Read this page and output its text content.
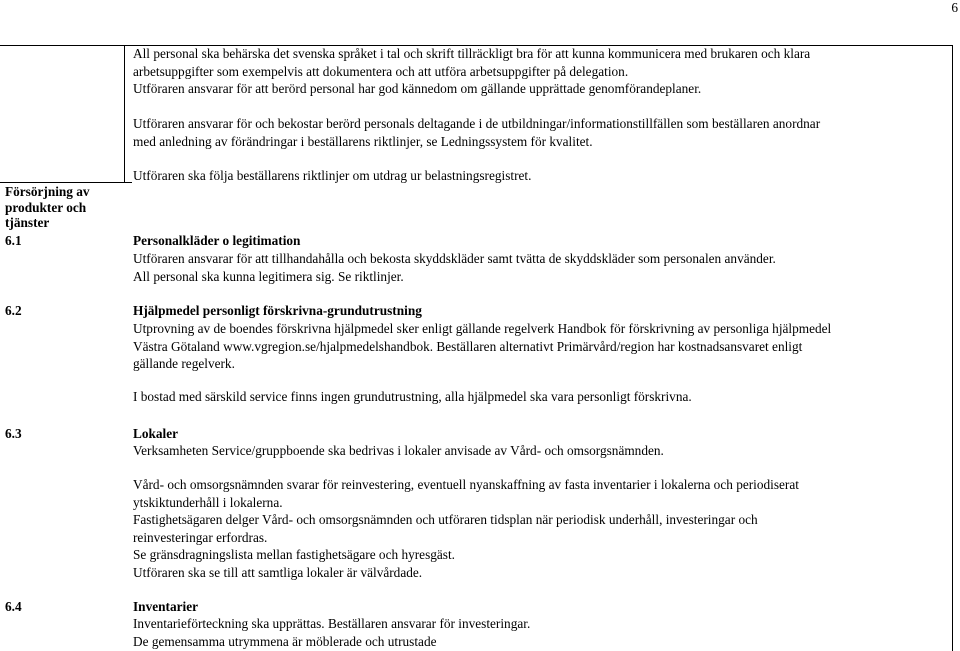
6

All personal ska behärska det svenska språket i tal och skrift tillräckligt bra för att kunna kommunicera med brukaren och klara
arbetsuppgifter som exempelvis att dokumentera och att utföra arbetsuppgifter på delegation.
Utföraren ansvarar för att berörd personal har god kännedom om gällande upprättade genomförandeplaner.

Utföraren ansvarar för och bekostar berörd personals deltagande i de utbildningar/informationstillfällen som beställaren anordnar
med anledning av förändringar i beställarens riktlinjer, se Ledningssystem för kvalitet.

Utföraren ska följa beställarens riktlinjer om utdrag ur belastningsregistret.

Försörjning av
produkter och
tjänster

6.1	Personalkläder o legitimation

Utföraren ansvarar för att tillhandahålla och bekosta skyddskläder samt tvätta de skyddskläder som personalen använder.
All personal ska kunna legitimera sig. Se riktlinjer.

6.2	Hjälpmedel personligt förskrivna-grundutrustning

Utprovning av de boendes förskrivna hjälpmedel sker enligt gällande regelverk Handbok för förskrivning av personliga hjälpmedel
Västra Götaland www.vgregion.se/hjalpmedelshandbok. Beställaren alternativt Primärvård/region har kostnadsansvaret enligt
gällande regelverk.

I bostad med särskild service finns ingen grundutrustning, alla hjälpmedel ska vara personligt förskrivna.

6.3	Lokaler

Verksamheten Service/gruppboende ska bedrivas i lokaler anvisade av Vård- och omsorgsnämnden.

Vård- och omsorgsnämnden svarar för reinvestering, eventuell nyanskaffning av fasta inventarier i lokalerna och periodiserat
ytskiktunderhåll i lokalerna.
Fastighetsägaren delger Vård- och omsorgsnämnden och utföraren tidsplan när periodisk underhåll, investeringar och
reinvesteringar erfordras.
Se gränsdragningslista mellan fastighetsägare och hyresgäst.
Utföraren ska se till att samtliga lokaler är välvårdade.

6.4	Inventarier

Inventarieförteckning ska upprättas. Beställaren ansvarar för investeringar.
De gemensamma utrymmena är möblerade och utrustade
